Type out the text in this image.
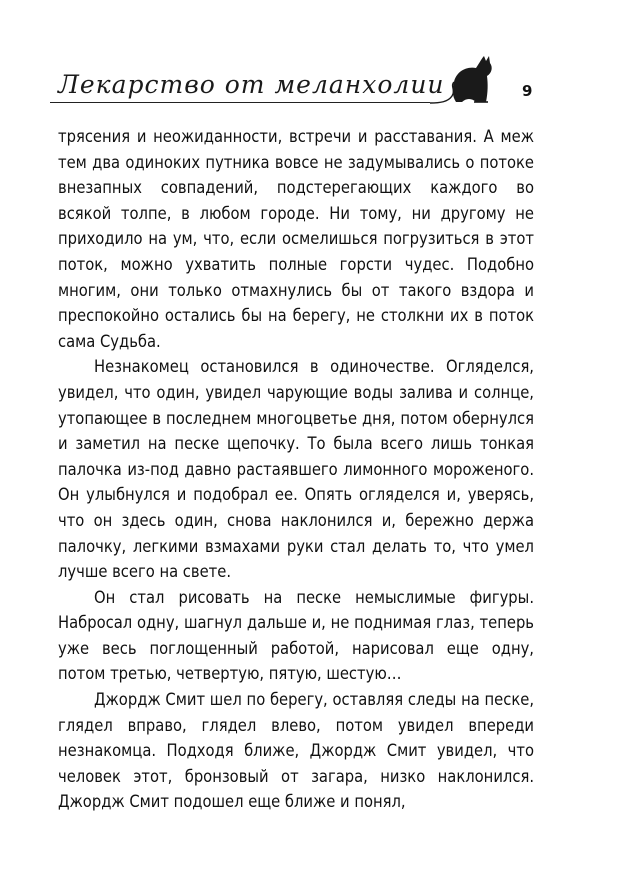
Лекарство от меланхолии	9

трясения и неожиданности, встречи и расставания. А меж тем два одиноких путника вовсе не задумывались о потоке внезапных совпадений, подстерегающих каждого во всякой толпе, в любом городе. Ни тому, ни другому не приходило на ум, что, если осмелишься погрузиться в этот поток, можно ухватить полные горсти чудес. Подобно многим, они только отмахнулись бы от такого вздора и преспокойно остались бы на берегу, не столкни их в поток сама Судьба.

Незнакомец остановился в одиночестве. Огляделся, увидел, что один, увидел чарующие воды залива и солнце, утопающее в последнем многоцветье дня, потом обернулся и заметил на песке щепочку. То была всего лишь тонкая палочка из-под давно растаявшего лимонного мороженого. Он улыбнулся и подобрал ее. Опять огляделся и, уверясь, что он здесь один, снова наклонился и, бережно держа палочку, легкими взмахами руки стал делать то, что умел лучше всего на свете.

Он стал рисовать на песке немыслимые фигуры. Набросал одну, шагнул дальше и, не поднимая глаз, теперь уже весь поглощенный работой, нарисовал еще одну, потом третью, четвертую, пятую, шестую…

Джордж Смит шел по берегу, оставляя следы на песке, глядел вправо, глядел влево, потом увидел впереди незнакомца. Подходя ближе, Джордж Смит увидел, что человек этот, бронзовый от загара, низко наклонился. Джордж Смит подошел еще ближе и понял,
